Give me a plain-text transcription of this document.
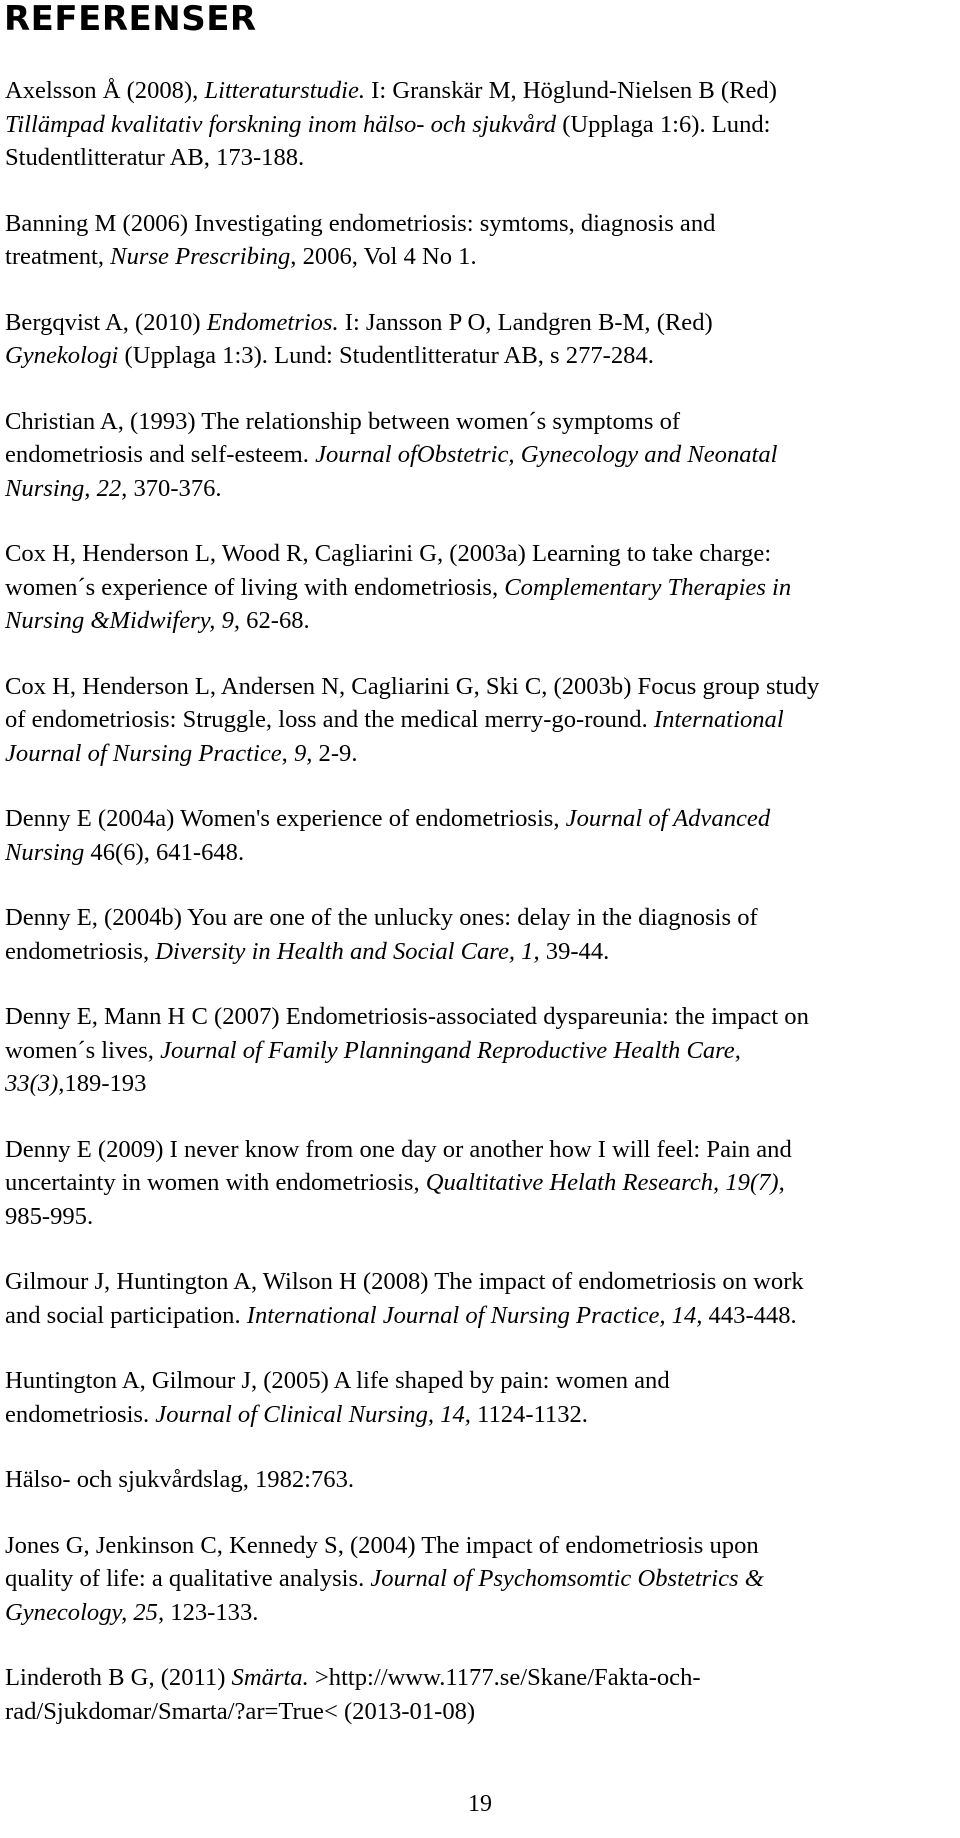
REFERENSER
Axelsson Å (2008), Litteraturstudie. I: Granskär M, Höglund-Nielsen B (Red)
Tillämpad kvalitativ forskning inom hälso- och sjukvård (Upplaga 1:6). Lund:
Studentlitteratur AB, 173-188.
Banning M (2006) Investigating endometriosis: symtoms, diagnosis and
treatment, Nurse Prescribing, 2006, Vol 4 No 1.
Bergqvist A, (2010) Endometrios. I: Jansson P O, Landgren B-M, (Red)
Gynekologi (Upplaga 1:3). Lund: Studentlitteratur AB, s 277-284.
Christian A, (1993) The relationship between women´s symptoms of
endometriosis and self-esteem. Journal ofObstetric, Gynecology and Neonatal
Nursing, 22, 370-376.
Cox H, Henderson L, Wood R, Cagliarini G, (2003a) Learning to take charge:
women´s experience of living with endometriosis, Complementary Therapies in
Nursing &Midwifery, 9, 62-68.
Cox H, Henderson L, Andersen N, Cagliarini G, Ski C, (2003b) Focus group study
of endometriosis: Struggle, loss and the medical merry-go-round. International
Journal of Nursing Practice, 9, 2-9.
Denny E (2004a) Women's experience of endometriosis, Journal of Advanced
Nursing 46(6), 641-648.
Denny E, (2004b) You are one of the unlucky ones: delay in the diagnosis of
endometriosis, Diversity in Health and Social Care, 1, 39-44.
Denny E, Mann H C (2007) Endometriosis-associated dyspareunia: the impact on
women´s lives, Journal of Family Planningand Reproductive Health Care,
33(3),189-193
Denny E (2009) I never know from one day or another how I will feel: Pain and
uncertainty in women with endometriosis, Qualtitative Helath Research, 19(7),
985-995.
Gilmour J, Huntington A, Wilson H (2008) The impact of endometriosis on work
and social participation. International Journal of Nursing Practice, 14, 443-448.
Huntington A, Gilmour J, (2005) A life shaped by pain: women and
endometriosis. Journal of Clinical Nursing, 14, 1124-1132.
Hälso- och sjukvårdslag, 1982:763.
Jones G, Jenkinson C, Kennedy S, (2004) The impact of endometriosis upon
quality of life: a qualitative analysis. Journal of Psychomsomtic Obstetrics &
Gynecology, 25, 123-133.
Linderoth B G, (2011) Smärta. >http://www.1177.se/Skane/Fakta-och-
rad/Sjukdomar/Smarta/?ar=True< (2013-01-08)
19
